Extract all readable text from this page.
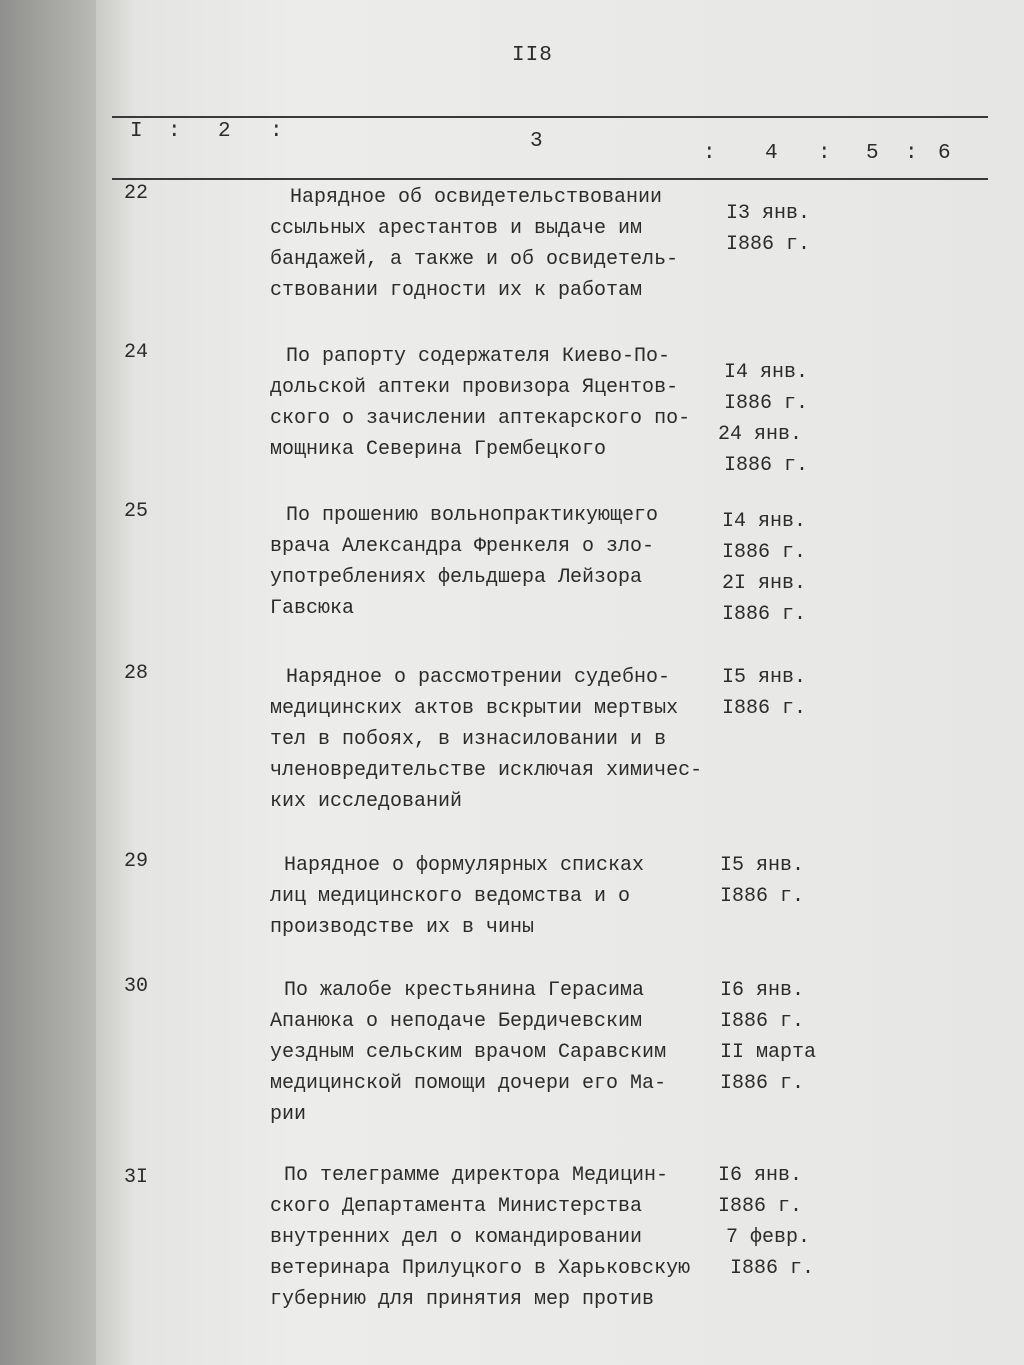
II8
I : 2 :	3
: 4 : 5 : 6
22	Нарядное об освидетельствовании
ссыльных арестантов и выдаче им
бандажей, а также и об освидетель-
ствовании годности их к работам
I3 янв.
I886 г.
24	По рапорту содержателя Киево-По-
дольской аптеки провизора Яцентов-
ского о зачислении аптекарского по-
мощника Северина Грембецкого
I4 янв.
I886 г.
24 янв.
I886 г.
25	По прошению вольнопрактикующего
врача Александра Френкеля о зло-
употреблениях фельдшера Лейзора
Гавсюка
I4 янв.
I886 г.
2I янв.
I886 г.
28	Нарядное о рассмотрении судебно-
медицинских актов вскрытии мертвых
тел в побоях, в изнасиловании и в
членовредительстве исключая химичес-
ких исследований
I5 янв.
I886 г.
29	Нарядное о формулярных списках
лиц медицинского ведомства и о
производстве их в чины
I5 янв.
I886 г.
30	По жалобе крестьянина Герасима
Апанюка о неподаче Бердичевским
уездным сельским врачом Саравским
медицинской помощи дочери его Ма-
рии
I6 янв.
I886 г.
II марта
I886 г.
3I	По телеграмме директора Медицин-
ского Департамента Министерства
внутренних дел о командировании
ветеринара Прилуцкого в Харьковскую
губернию для принятия мер против
I6 янв.
I886 г.
7 февр.
I886 г.
